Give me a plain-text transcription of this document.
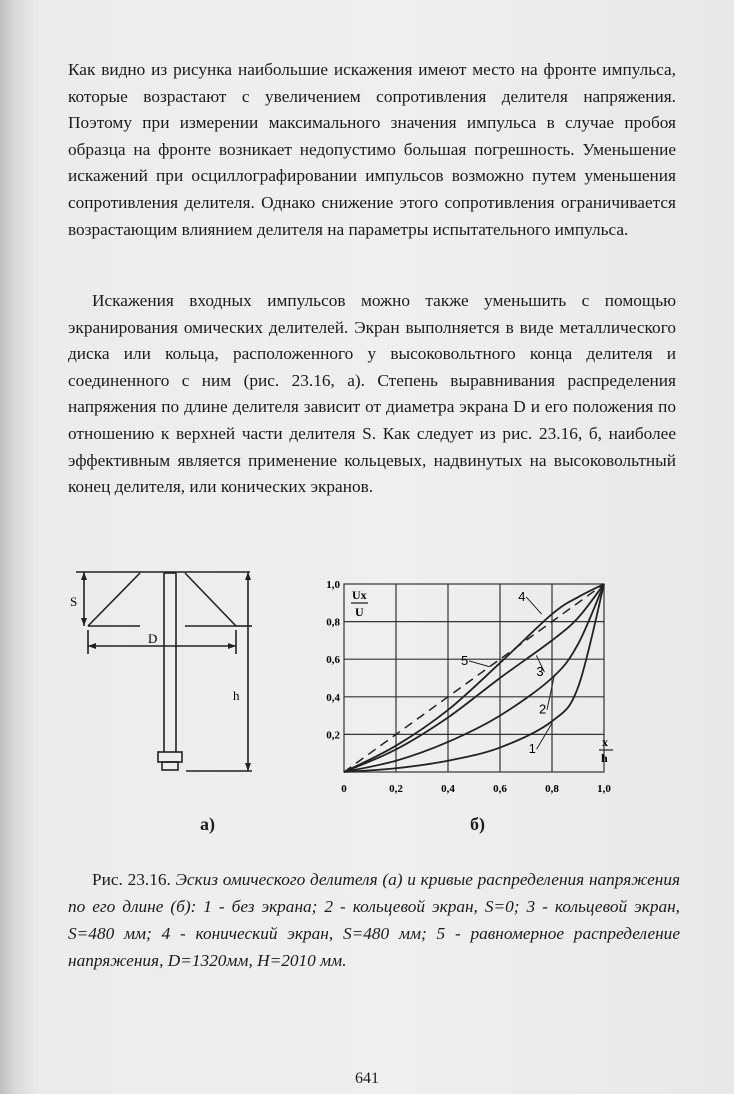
Как видно из рисунка наибольшие искажения имеют место на фронте импульса, которые возрастают с увеличением сопротивления делителя напряжения. Поэтому при измерении максимального значения импульса в случае пробоя образца на фронте возникает недопустимо большая погрешность. Уменьшение искажений при осциллографировании импульсов возможно путем уменьшения сопротивления делителя. Однако снижение этого сопротивления ограничивается возрастающим влиянием делителя на параметры испытательного импульса.

Искажения входных импульсов можно также уменьшить с помощью экранирования омических делителей. Экран выполняется в виде металлического диска или кольца, расположенного у высоковольтного конца делителя и соединенного с ним (рис. 23.16, а). Степень выравнивания распределения напряжения по длине делителя зависит от диаметра экрана D и его положения по отношению к верхней части делителя S. Как следует из рис. 23.16, б, наиболее эффективным является применение кольцевых, надвинутых на высоковольтный конец делителя, или конических экранов.

S
D
h
0	0,2	0,4	0,6	0,8	1,0
0,2
0,4
0,6
0,8
1,0
1
2
3
4
5
Ux
U
x
h
а)	б)

Рис. 23.16. Эскиз омического делителя (а) и кривые распределения напряжения по его длине (б): 1 - без экрана; 2 - кольцевой экран, S=0; 3 - кольцевой экран, S=480 мм; 4 - конический экран, S=480 мм; 5 - равномерное распределение напряжения, D=1320мм, H=2010 мм.

641
